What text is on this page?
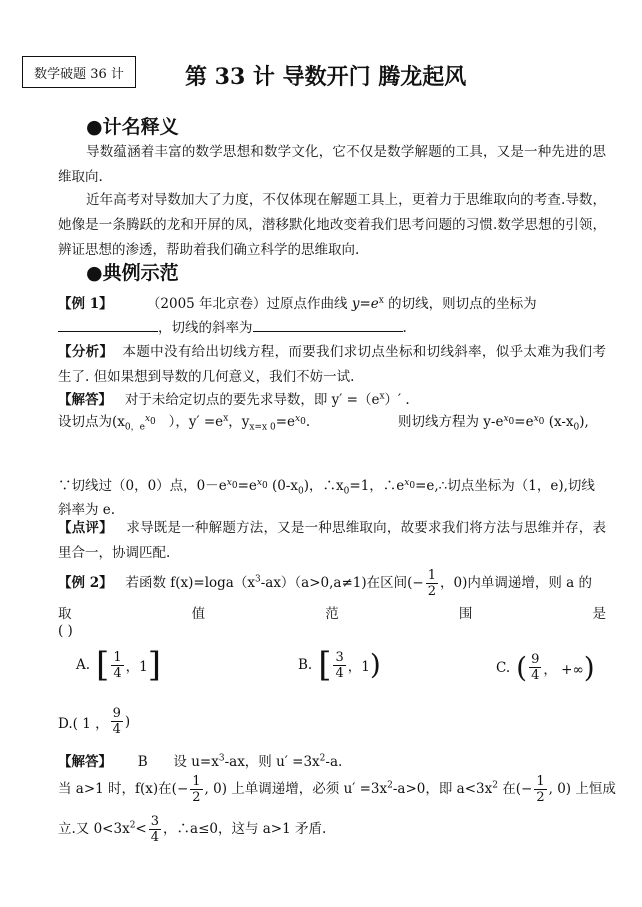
数学破题 36 计	第 33 计 导数开门 腾龙起风
●计名释义
导数蕴涵着丰富的数学思想和数学文化，它不仅是数学解题的工具，又是一种先进的思维取向.
近年高考对导数加大了力度，不仅体现在解题工具上，更着力于思维取向的考查.导数，她像是一条腾跃的龙和开屏的凤，潜移默化地改变着我们思考问题的习惯.数学思想的引领，辨证思想的渗透，帮助着我们确立科学的思维取向.
●典例示范
【例 1】	（2005 年北京卷）过原点作曲线 $y=e^x$ 的切线，则切点的坐标为
，切线的斜率为	.
【分析】 本题中没有给出切线方程，而要我们求切点坐标和切线斜率，似乎太难为我们考生了. 但如果想到导数的几何意义，我们不妨一试.
【解答】 对于未给定切点的要先求导数，即 $y' =(e^x)'$ .
设切点为($x_{0,e}^{x_0}$ ），$y' =e^x$，$y_{x=x 0}=e^{x_0}$.	则切线方程为 $y-e^{x_0}=e^{x_0}$ $(x-x_0)$,
∵切线过（0，0）点，$0-e^{x_0}=e^{x_0}$ $(0-x_0)$，$\therefore x_0=1$，$\therefore e^{x_0}=e,\therefore$切点坐标为（1，e),切线
斜率为 e.
【点评】 求导既是一种解题方法，又是一种思维取向，故要求我们将方法与思维并存，表里合一，协调匹配.
【例 2】 若函数 $f(x)=\log a(x^3-ax)(a>0,a\ne 1)$在区间(− $\frac{1}{2}$ ，0)内单调递增，则 a 的
取	值	范	围	是
( )
A. [ $\frac{1}{4}$ ，1 ]	B. [ $\frac{3}{4}$ ，1 )	C. ( $\frac{9}{4}$ ， +∞ )
D.( 1 ， $\frac{9}{4}$ )
【解答】 B 设 $u=x^3-ax$，则 $u' =3x^2-a$.
当 a>1 时，f(x)在(− $\frac{1}{2}$ , 0) 上单调递增，必须 $u' =3x^2-a>0$，即 $a<3x^2$ 在(− $\frac{1}{2}$ , 0) 上恒成
立.又 $0<3x^2< \frac{3}{4}$ ，∴a≤0，这与 a>1 矛盾.
